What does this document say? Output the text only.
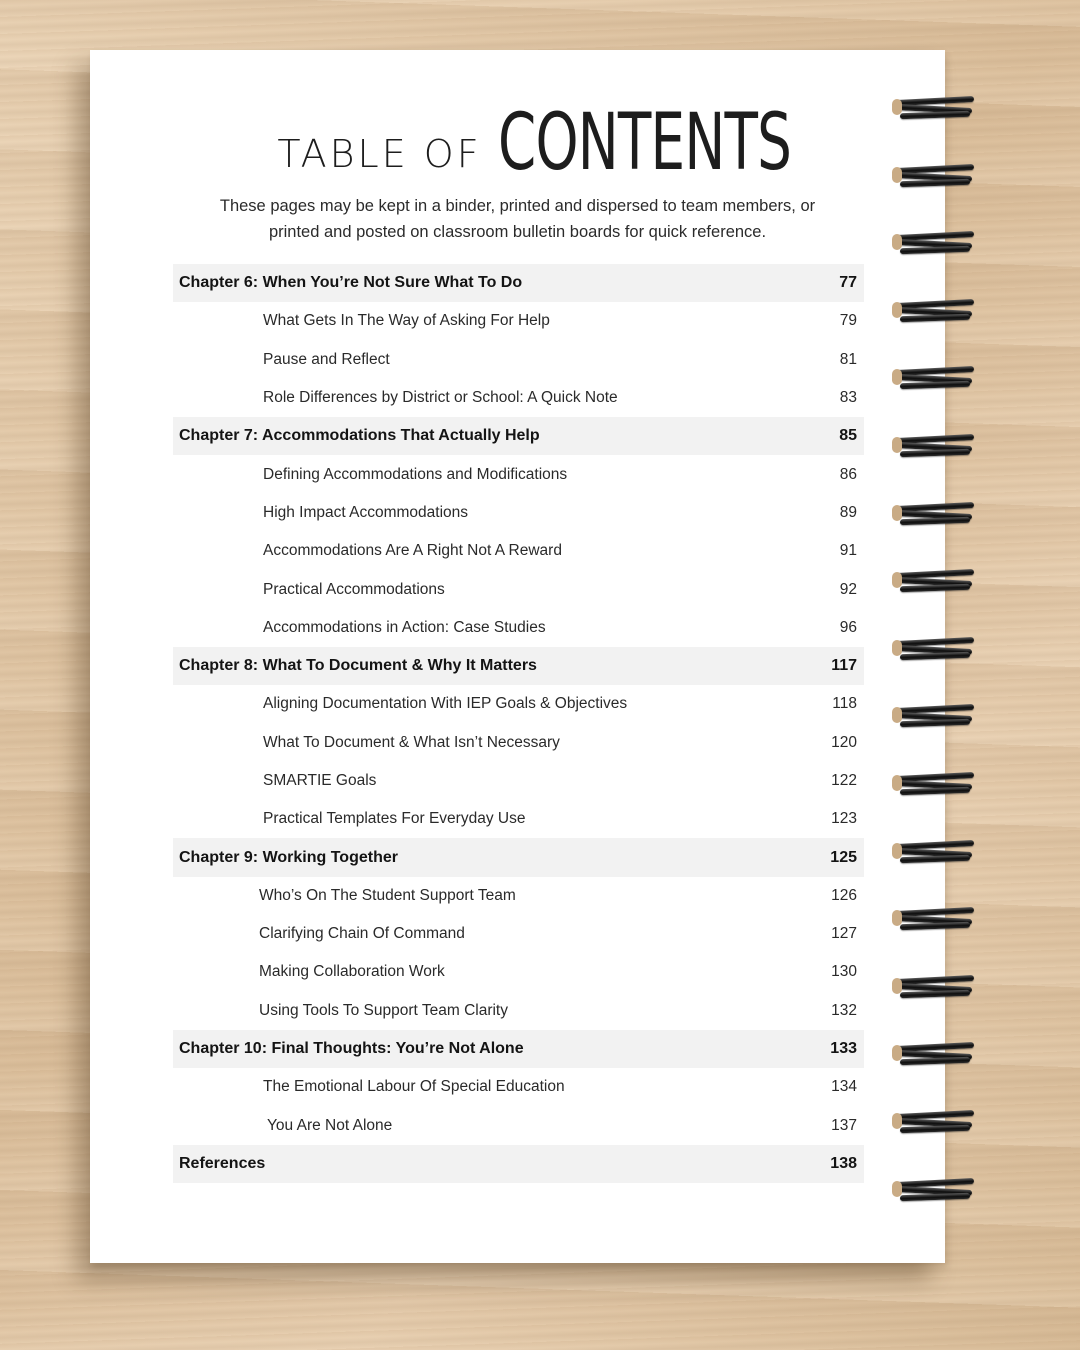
TABLE OF CONTENTS
These pages may be kept in a binder, printed and dispersed to team members, or printed and posted on classroom bulletin boards for quick reference.
Chapter 6: When You’re Not Sure What To Do	77
What Gets In The Way of Asking For Help	79
Pause and Reflect	81
Role Differences by District or School: A Quick Note	83
Chapter 7: Accommodations That Actually Help	85
Defining Accommodations and Modifications	86
High Impact Accommodations	89
Accommodations Are A Right Not A Reward	91
Practical Accommodations	92
Accommodations in Action: Case Studies	96
Chapter 8: What To Document & Why It Matters	117
Aligning Documentation With IEP Goals & Objectives	118
What To Document & What Isn’t Necessary	120
SMARTIE Goals	122
Practical Templates For Everyday Use	123
Chapter 9: Working Together	125
Who’s On The Student Support Team	126
Clarifying Chain Of Command	127
Making Collaboration Work	130
Using Tools To Support Team Clarity	132
Chapter 10: Final Thoughts: You’re Not Alone	133
The Emotional Labour Of Special Education	134
You Are Not Alone	137
References	138
